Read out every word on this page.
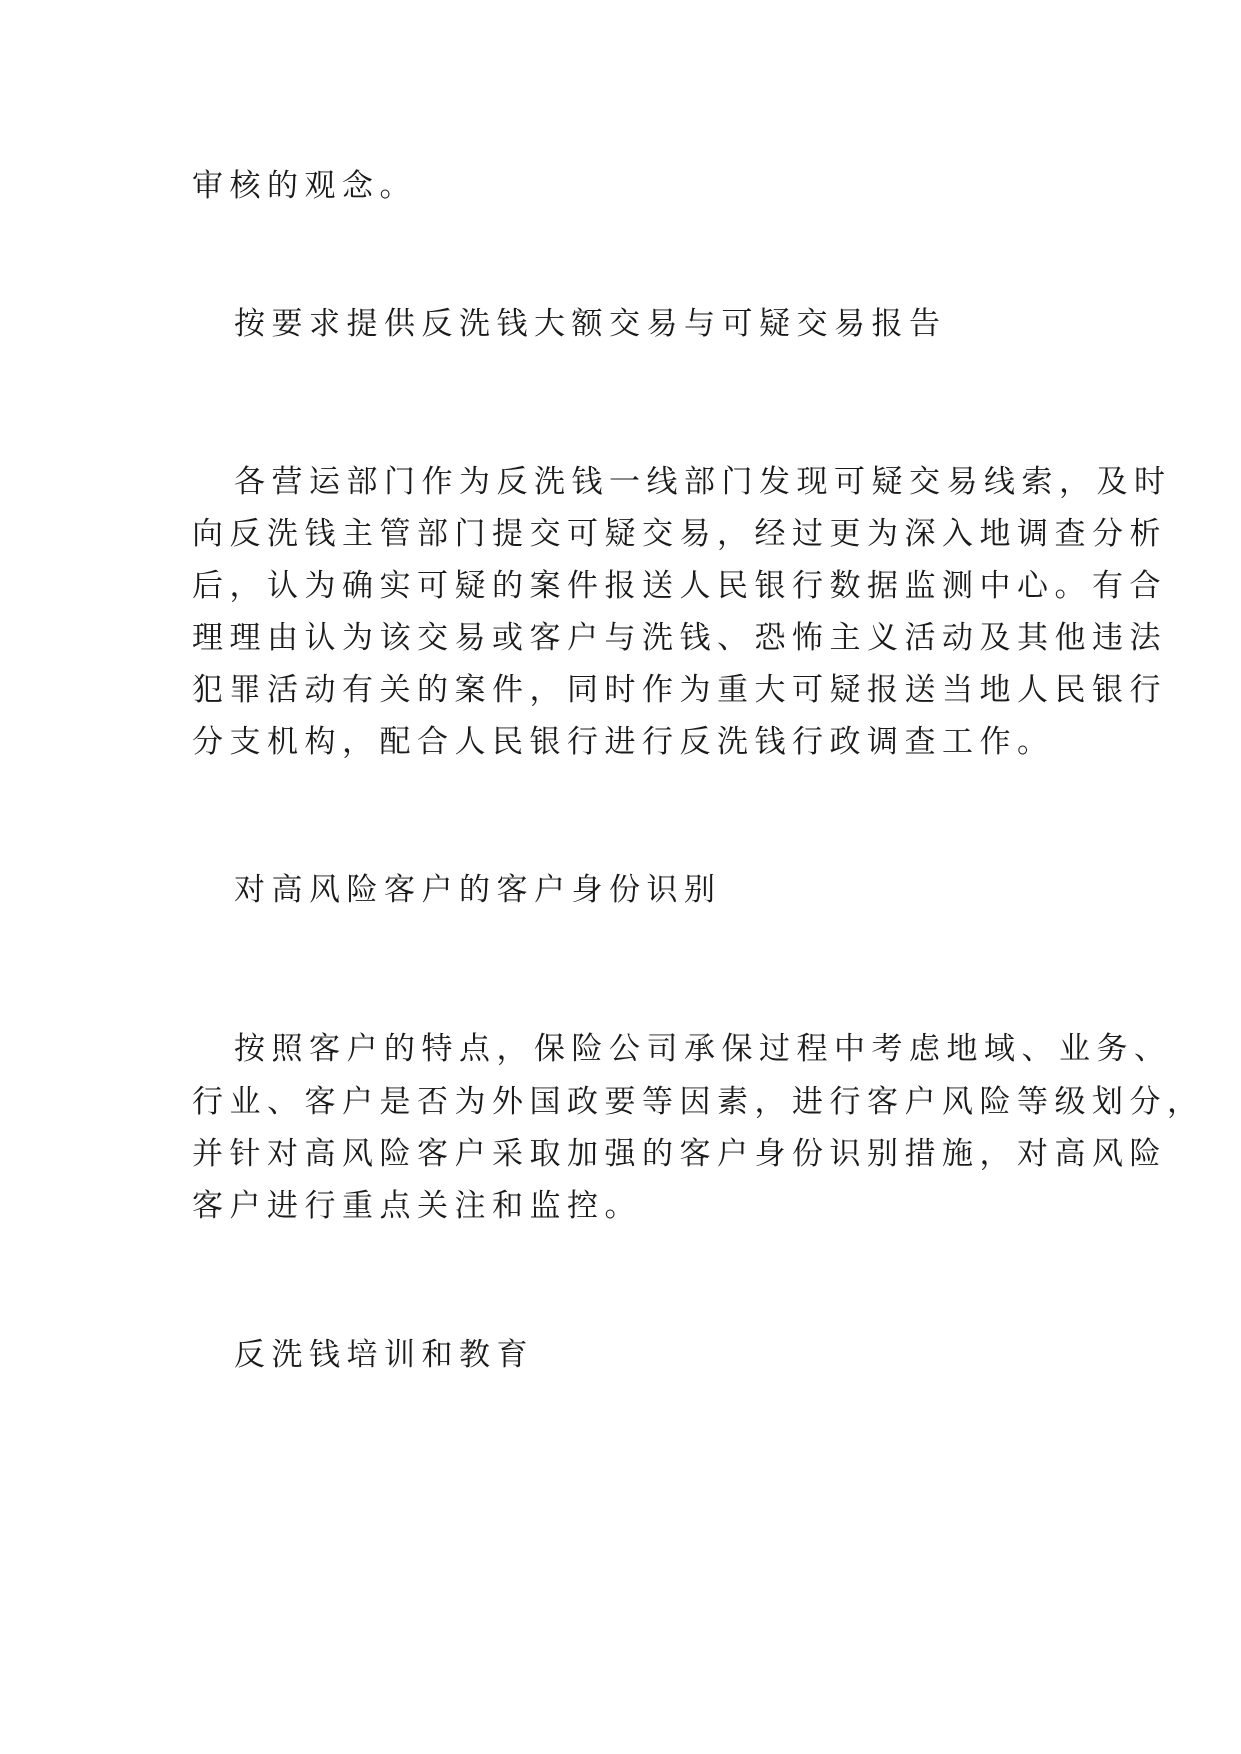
审核的观念。
按要求提供反洗钱大额交易与可疑交易报告
各营运部门作为反洗钱一线部门发现可疑交易线索，及时
向反洗钱主管部门提交可疑交易，经过更为深入地调查分析
后，认为确实可疑的案件报送人民银行数据监测中心。有合
理理由认为该交易或客户与洗钱、恐怖主义活动及其他违法
犯罪活动有关的案件，同时作为重大可疑报送当地人民银行
分支机构，配合人民银行进行反洗钱行政调查工作。
对高风险客户的客户身份识别
按照客户的特点，保险公司承保过程中考虑地域、业务、
行业、客户是否为外国政要等因素，进行客户风险等级划分，
并针对高风险客户采取加强的客户身份识别措施，对高风险
客户进行重点关注和监控。
反洗钱培训和教育
